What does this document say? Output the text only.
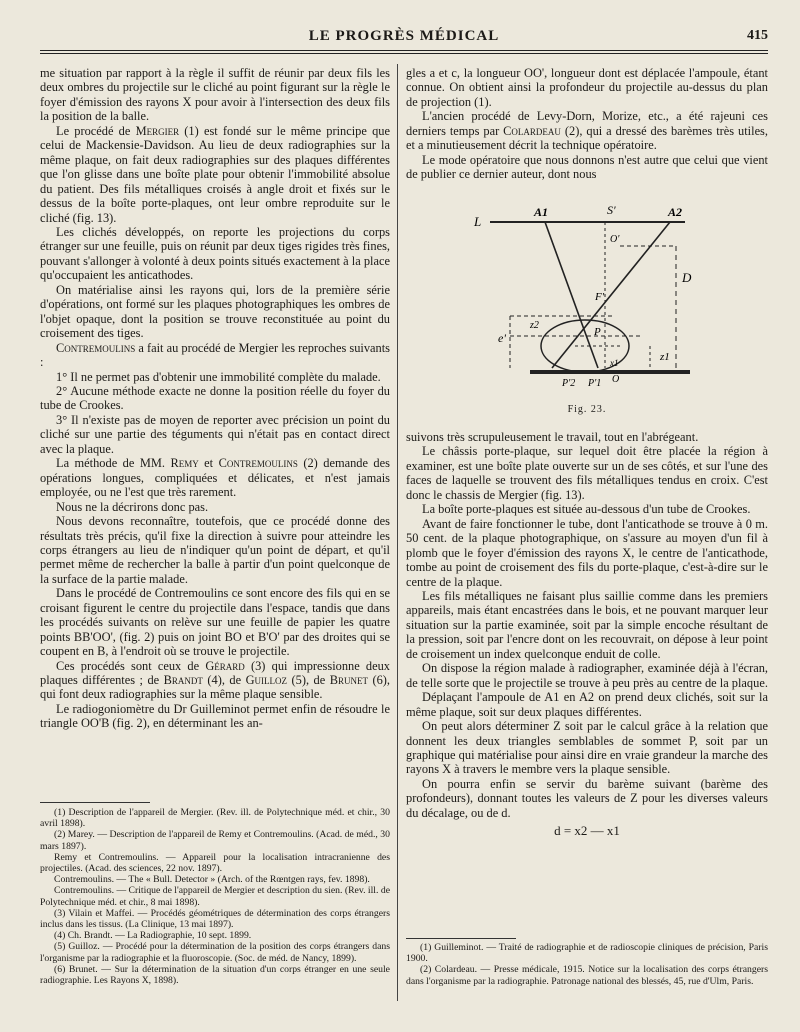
LE PROGRÈS MÉDICAL	415

me situation par rapport à la règle il suffit de réunir par deux fils les deux ombres du projectile sur le cliché au point figurant sur la règle le foyer d'émission des rayons X pour avoir à l'intersection des deux fils la position de la balle.

Le procédé de Mergier (1) est fondé sur le même principe que celui de Mackensie-Davidson. Au lieu de deux radiographies sur la même plaque, on fait deux radiographies sur des plaques différentes que l'on glisse dans une boîte plate pour obtenir l'immobilité absolue du patient. Des fils métalliques croisés à angle droit et fixés sur le dessus de la boîte porte-plaques, ont leur ombre reproduite sur le cliché (fig. 13).

Les clichés développés, on reporte les projections du corps étranger sur une feuille, puis on réunit par deux tiges rigides très fines, pouvant s'allonger à volonté à deux points situés exactement à la place qu'occupaient les anticathodes.

On matérialise ainsi les rayons qui, lors de la première série d'opérations, ont formé sur les plaques photographiques les ombres de l'objet opaque, dont la position se trouve reconstituée au point du croisement des tiges.

Contremoulins a fait au procédé de Mergier les reproches suivants :

1° Il ne permet pas d'obtenir une immobilité complète du malade.

2° Aucune méthode exacte ne donne la position réelle du foyer du tube de Crookes.

3° Il n'existe pas de moyen de reporter avec précision un point du cliché sur une partie des téguments qui n'était pas en contact direct avec la plaque.

La méthode de MM. Remy et Contremoulins (2) demande des opérations longues, compliquées et délicates, et n'est jamais employée, ou ne l'est que très rarement.

Nous ne la décrirons donc pas.

Nous devons reconnaître, toutefois, que ce procédé donne des résultats très précis, qu'il fixe la direction à suivre pour atteindre les corps étrangers au lieu de n'indiquer qu'un point de départ, et qu'il permet même de rechercher la balle à partir d'un point quelconque de la surface de la partie malade.

Dans le procédé de Contremoulins ce sont encore des fils qui en se croisant figurent le centre du projectile dans l'espace, tandis que dans les procédés suivants on relève sur une feuille de papier les quatre points BB'OO', (fig. 2) puis on joint BO et B'O' par des droites qui se coupent en B, à l'endroit où se trouve le projectile.

Ces procédés sont ceux de Gérard (3) qui impressionne deux plaques différentes ; de Brandt (4), de Guilloz (5), de Brunet (6), qui font deux radiographies sur la même plaque sensible.

Le radiogoniomètre du Dr Guilleminot permet enfin de résoudre le triangle OO'B (fig. 2), en déterminant les an-

(1) Description de l'appareil de Mergier. (Rev. ill. de Polytechnique méd. et chir., 30 avril 1898).

(2) Marey. — Description de l'appareil de Remy et Contremoulins. (Acad. de méd., 30 mars 1897).

Remy et Contremoulins. — Appareil pour la localisation intracranienne des projectiles. (Acad. des sciences, 22 nov. 1897).

Contremoulins. — The « Bull. Detector » (Arch. of the Rœntgen rays, fev. 1898).

Contremoulins. — Critique de l'appareil de Mergier et description du sien. (Rev. ill. de Polytechnique méd. et chir., 8 mai 1898).

(3) Vilain et Maffei. — Procédés géométriques de détermination des corps étrangers inclus dans les tissus. (La Clinique, 13 mai 1897).

(4) Ch. Brandt. — La Radiographie, 10 sept. 1899.

(5) Guilloz. — Procédé pour la détermination de la position des corps étrangers dans l'organisme par la radiographie et la fluoroscopie. (Soc. de méd. de Nancy, 1899).

(6) Brunet. — Sur la détermination de la situation d'un corps étranger en une seule radiographie. Les Rayons X, 1898).

gles a et c, la longueur OO', longueur dont est déplacée l'ampoule, étant connue. On obtient ainsi la profondeur du projectile au-dessus du plan de projection (1).

L'ancien procédé de Levy-Dorn, Morize, etc., a été rajeuni ces derniers temps par Colardeau (2), qui a dressé des barèmes très utiles, et a minutieusement décrit la technique opératoire.

Le mode opératoire que nous donnons n'est autre que celui que vient de publier ce dernier auteur, dont nous

L
A1	S'	A2
O'
D
F'
e'
z2
z1
P
x1
P'2 P'1 O
Fig. 23.

suivons très scrupuleusement le travail, tout en l'abrégeant.

Le châssis porte-plaque, sur lequel doit être placée la région à examiner, est une boîte plate ouverte sur un de ses côtés, et sur l'une des faces de laquelle se trouvent des fils métalliques tendus en croix. C'est donc le chassis de Mergier (fig. 13).

La boîte porte-plaques est située au-dessous d'un tube de Crookes.

Avant de faire fonctionner le tube, dont l'anticathode se trouve à 0 m. 50 cent. de la plaque photographique, on s'assure au moyen d'un fil à plomb que le foyer d'émission des rayons X, le centre de l'anticathode, tombe au point de croisement des fils du porte-plaque, c'est-à-dire sur le centre de la plaque.

Les fils métalliques ne faisant plus saillie comme dans les premiers appareils, mais étant encastrées dans le bois, et ne pouvant marquer leur situation sur la partie examinée, soit par la simple encoche résultant de la pression, soit par l'encre dont on les recouvrait, on dépose à leur point de croisement un index quelconque enduit de colle.

On dispose la région malade à radiographer, examinée déjà à l'écran, de telle sorte que le projectile se trouve à peu près au centre de la plaque.

Déplaçant l'ampoule de A1 en A2 on prend deux clichés, soit sur la même plaque, soit sur deux plaques différentes.

On peut alors déterminer Z soit par le calcul grâce à la relation que donnent les deux triangles semblables de sommet P, soit par un graphique qui matérialise pour ainsi dire en vraie grandeur la marche des rayons X à travers le membre vers la plaque sensible.

On pourra enfin se servir du barème suivant (barème des profondeurs), donnant toutes les valeurs de Z pour les diverses valeurs du décalage, ou de d.

d = x2 — x1

(1) Guilleminot. — Traité de radiographie et de radioscopie cliniques de précision, Paris 1900.

(2) Colardeau. — Presse médicale, 1915. Notice sur la localisation des corps étrangers dans l'organisme par la radiographie. Patronage national des blessés, 45, rue d'Ulm, Paris.
